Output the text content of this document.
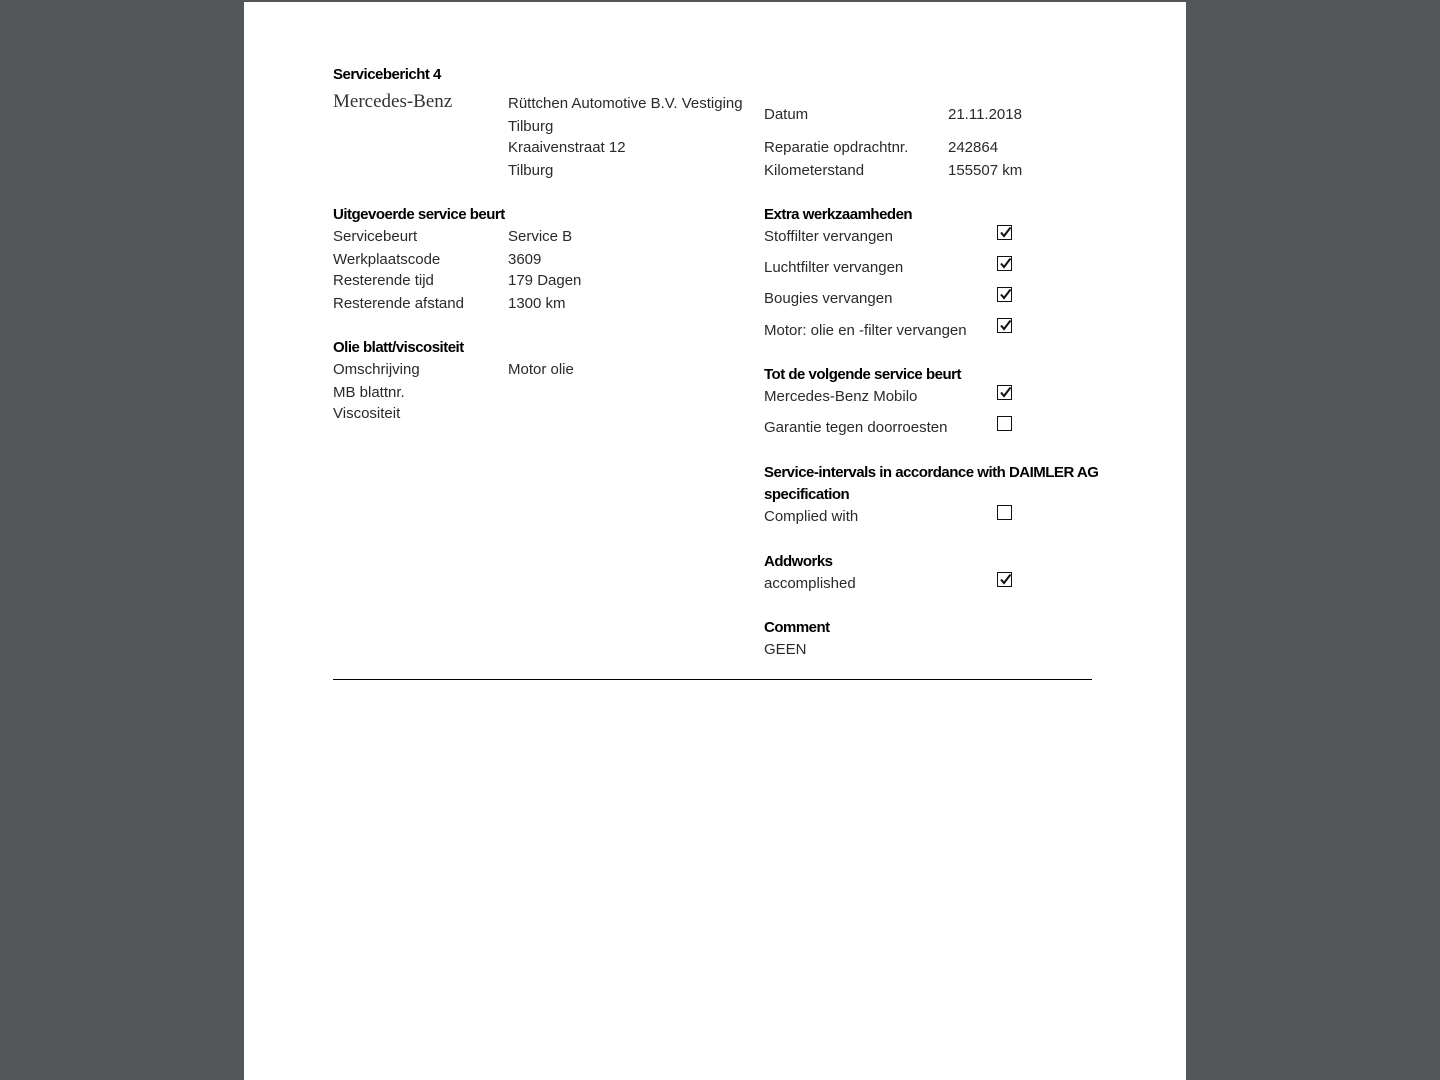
Servicebericht 4
Mercedes-Benz	Rüttchen Automotive B.V. Vestiging
Tilburg
Kraaivenstraat 12
Tilburg
Datum	21.11.2018
Reparatie opdrachtnr.	242864
Kilometerstand	155507 km
Uitgevoerde service beurt
Servicebeurt	Service B
Werkplaatscode	3609
Resterende tijd	179 Dagen
Resterende afstand	1300 km
Olie blatt/viscositeit
Omschrijving	Motor olie
MB blattnr.
Viscositeit
Extra werkzaamheden
Stoffilter vervangen
Luchtfilter vervangen
Bougies vervangen
Motor: olie en -filter vervangen
Tot de volgende service beurt
Mercedes-Benz Mobilo
Garantie tegen doorroesten
Service-intervals in accordance with DAIMLER AG
specification
Complied with
Addworks
accomplished
Comment
GEEN
